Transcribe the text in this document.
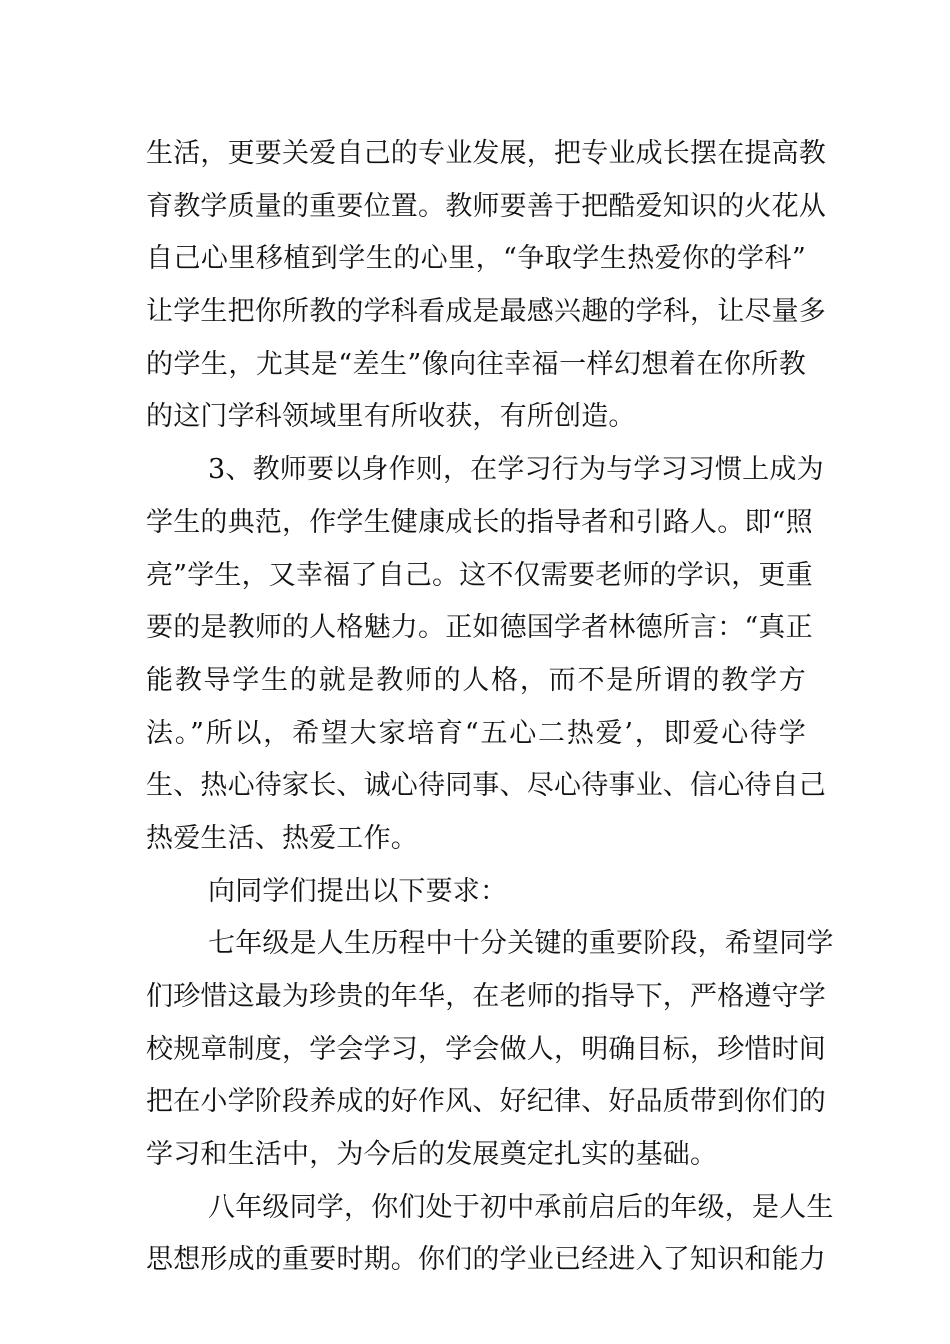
生活，更要关爱自己的专业发展，把专业成长摆在提高教
育教学质量的重要位置。教师要善于把酷爱知识的火花从
自己心里移植到学生的心里，“争取学生热爱你的学科”
让学生把你所教的学科看成是最感兴趣的学科，让尽量多
的学生，尤其是“差生”像向往幸福一样幻想着在你所教
的这门学科领域里有所收获，有所创造。
3、教师要以身作则，在学习行为与学习习惯上成为
学生的典范，作学生健康成长的指导者和引路人。即“照
亮”学生，又幸福了自己。这不仅需要老师的学识，更重
要的是教师的人格魅力。正如德国学者林德所言：“真正
能教导学生的就是教师的人格，而不是所谓的教学方
法。”所以，希望大家培育“五心二热爱’，即爱心待学
生、热心待家长、诚心待同事、尽心待事业、信心待自己
热爱生活、热爱工作。
向同学们提出以下要求：
七年级是人生历程中十分关键的重要阶段，希望同学
们珍惜这最为珍贵的年华，在老师的指导下，严格遵守学
校规章制度，学会学习，学会做人，明确目标，珍惜时间
把在小学阶段养成的好作风、好纪律、好品质带到你们的
学习和生活中，为今后的发展奠定扎实的基础。
八年级同学，你们处于初中承前启后的年级，是人生
思想形成的重要时期。你们的学业已经进入了知识和能力
